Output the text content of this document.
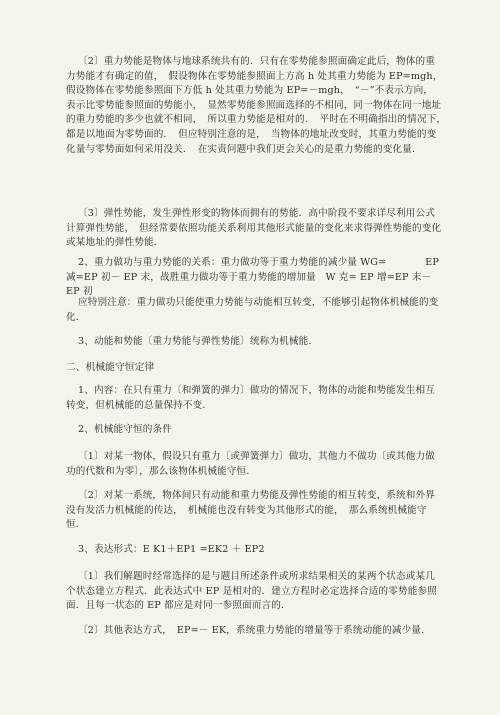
〔2〕重力势能是物体与地球系统共有的．只有在零势能参照面确定此后，物体的重力势能才有确定的值，　假设物体在零势能参照面上方高 h 处其重力势能为 EP=mgh，假设物体在零势能参照面下方低 h 处其重力势能为 EP=－mgh，　“－”不表示方向，　表示比零势能参照面的势能小，　显然零势能参照面选择的不相同，同一物体在同一地址的重力势能的多少也就不相同，　所以重力势能是相对的．　平时在不明确指出的情况下，　都是以地面为零势面的．　但应特别注意的是，　当物体的地址改变时，其重力势能的变化量与零势面如何采用没关．　在实责问题中我们更会关心的是重力势能的变化量．

〔3〕弹性势能，发生弹性形变的物体而拥有的势能．高中阶段不要求详尽利用公式计算弹性势能，　但经常要依照功能关系利用其他形式能量的变化来求得弹性势能的变化或某地址的弹性势能．

2、重力做功与重力势能的关系：重力做功等于重力势能的减少量 WG=　　　　EP 减=EP 初－ EP 末，战胜重力做功等于重力势能的增加量　W 克= EP 增=EP 末－EP 初

应特别注意：重力做功只能使重力势能与动能相互转变，不能够引起物体机械能的变化．

3、动能和势能〔重力势能与弹性势能〕统称为机械能．

二、机械能守恒定律

1、内容：在只有重力〔和弹簧的弹力〕做功的情况下，物体的动能和势能发生相互转变，但机械能的总量保持不变．

2、机械能守恒的条件

〔1〕对某一物体，假设只有重力〔或弹簧弹力〕做功，其他力不做功〔或其他力做功的代数和为零〕，那么该物体机械能守恒．

〔2〕对某一系统，物体间只有动能和重力势能及弹性势能的相互转变，系统和外界没有发活力机械能的传达，　机械能也没有转变为其他形式的能，　那么系统机械能守恒．

3、表达形式：E K1＋EP1 =EK2 ＋ EP2

〔1〕我们解题时经常选择的是与题目所述条件或所求结果相关的某两个状态或某几个状态建立方程式．此表达式中 EP 是相对的．建立方程时必定选择合适的零势能参照面．且每一状态的 EP 都应是对同一参照面而言的．

〔2〕其他表达方式，　EP=－ EK，系统重力势能的增量等于系统动能的减少量．
